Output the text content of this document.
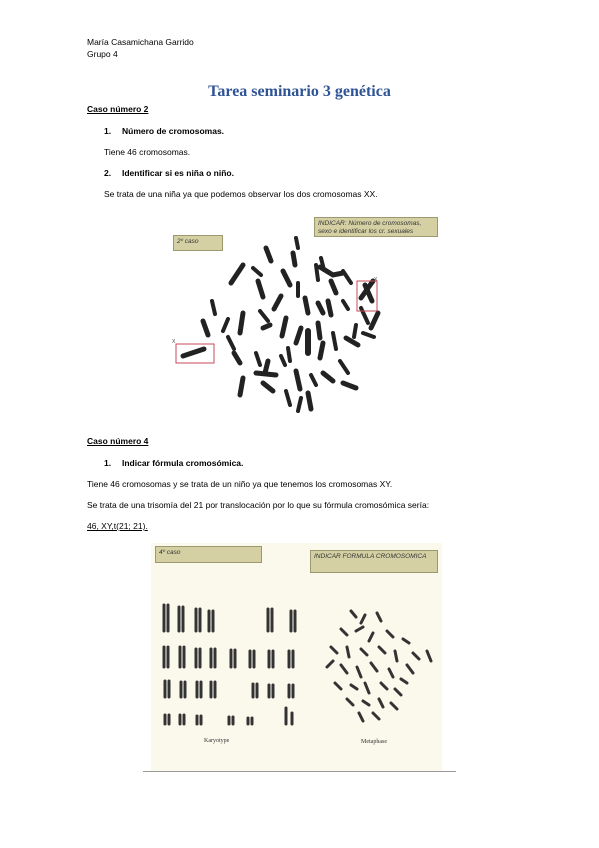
María Casamichana Garrido
Grupo 4
Tarea seminario 3 genética
Caso número 2
1. Número de cromosomas.
Tiene 46 cromosomas.
2. Identificar si es niña o niño.
Se trata de una niña ya que podemos observar los dos cromosomas XX.
2º caso
INDICAR: Número de cromosomas, sexo e identificar los cr. sexuales
X
X
Caso número 4
1. Indicar fórmula cromosómica.
Tiene 46 cromosomas y se trata de un niño ya que tenemos los cromosomas XY.
Se trata de una trisomía del 21 por translocación por lo que su fórmula cromosómica sería:
46, XY,t(21; 21).
4º caso
INDICAR FORMULA CROMOSOMICA
Karyotype	Metaphase
